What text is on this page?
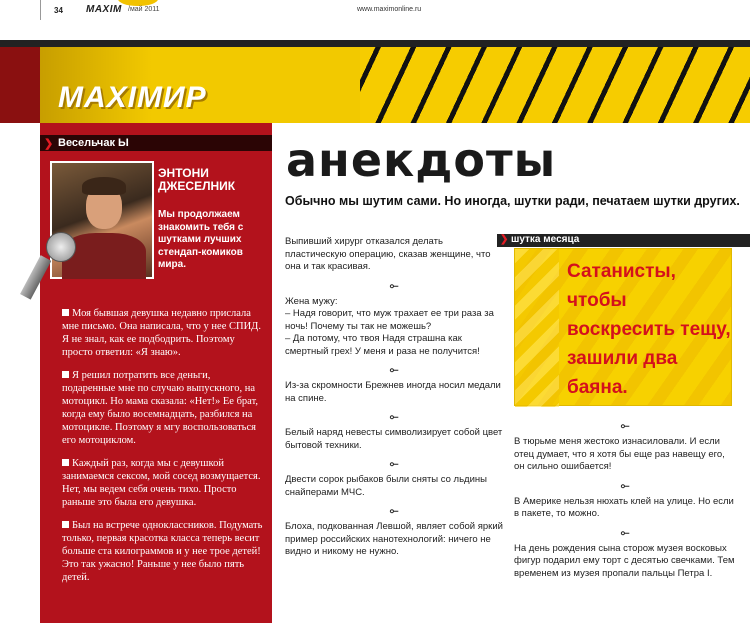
34 MAXIM /май 2011	www.maximonline.ru
MAXIMИР
❯ Весельчак Ы
ЭНТОНИ ДЖЕСЕЛНИК
Мы продолжаем знакомить тебя с шутками лучших стендап-комиков мира.

Моя бывшая девушка недавно прислала мне письмо. Она написала, что у нее СПИД. Я не знал, как ее подбодрить. Поэтому просто ответил: «Я знаю».

Я решил потратить все деньги, подаренные мне по случаю выпускного, на мотоцикл. Но мама сказала: «Нет!» Ее брат, когда ему было восемнадцать, разбился на мотоцикле. Поэтому я мгу воспользоваться его мотоциклом.

Каждый раз, когда мы с девушкой занимаемся сексом, мой сосед возмущается. Нет, мы ведем себя очень тихо. Просто раньше это была его девушка.

Был на встрече одноклассников. Подумать только, первая красотка класса теперь весит больше ста килограммов и у нее трое детей! Это так ужасно! Раньше у нее было пять детей.

анекдоты
Обычно мы шутим сами. Но иногда, шутки ради, печатаем шутки других.
Выпивший хирург отказался делать пластическую операцию, сказав женщине, что она и так красивая.
⟜
Жена мужу:
– Надя говорит, что муж трахает ее три раза за ночь! Почему ты так не можешь?
– Да потому, что твоя Надя страшна как смертный грех! У меня и раза не получится!
⟜
Из-за скромности Брежнев иногда носил медали на спине.
⟜
Белый наряд невесты символизирует собой цвет бытовой техники.
⟜
Двести сорок рыбаков были сняты со льдины снайперами МЧС.
⟜
Блоха, подкованная Левшой, являет собой яркий пример российских нанотехнологий: ничего не видно и никому не нужно.
❯ шутка месяца
Сатанисты, чтобы воскресить тещу, зашили два баяна.
⟜
В тюрьме меня жестоко изнасиловали. И если отец думает, что я хотя бы еще раз навещу его, он сильно ошибается!
⟜
В Америке нельзя нюхать клей на улице. Но если в пакете, то можно.
⟜
На день рождения сына сторож музея восковых фигур подарил ему торт с десятью свечками. Тем временем из музея пропали пальцы Петра I.
